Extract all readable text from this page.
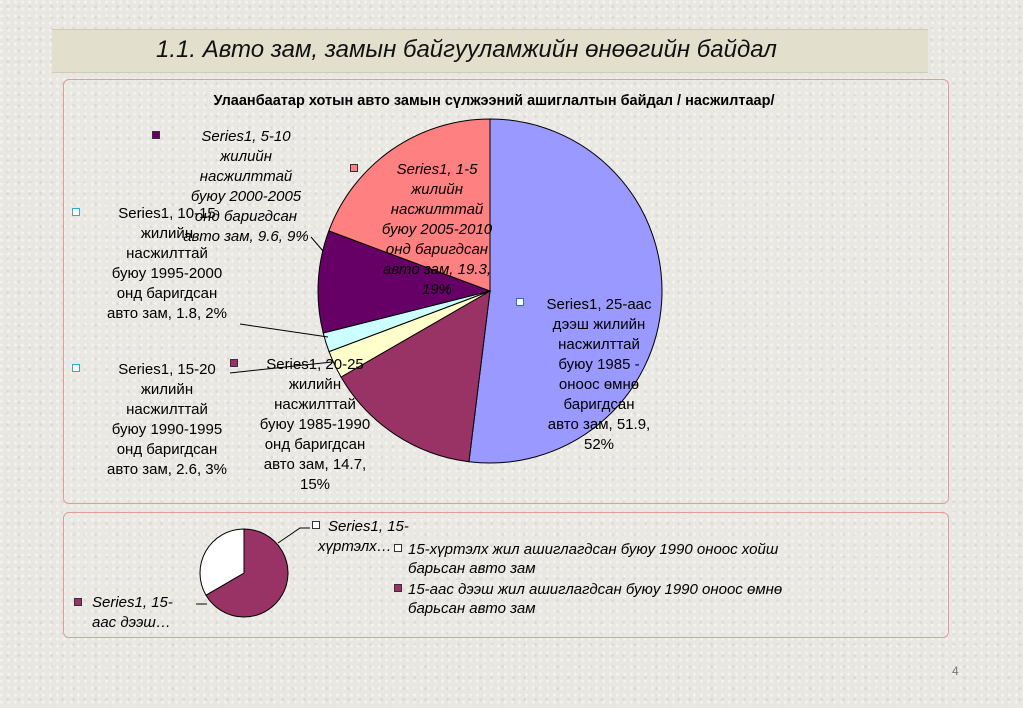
1.1. Авто зам, замын байгууламжийн өнөөгийн байдал
Улаанбаатар хотын авто замын сүлжээний ашиглалтын байдал / насжилтаар/
Series1, 25-аас
дээш жилийн
насжилттай
буюу 1985 -
оноос өмнө
баригдсан
авто зам, 51.9,
52%
Series1, 20-25
жилийн
насжилттай
буюу 1985-1990
онд баригдсан
авто зам, 14.7,
15%
Series1, 15-20
жилийн
насжилттай
буюу 1990-1995
онд баригдсан
авто зам, 2.6, 3%
Series1, 10-15
жилийн
насжилттай
буюу 1995-2000
онд баригдсан
авто зам, 1.8, 2%
Series1, 5-10
жилийн
насжилттай
буюу 2000-2005
онд баригдсан
авто зам, 9.6, 9%
Series1, 1-5
жилийн
насжилттай
буюу 2005-2010
онд баригдсан
авто зам, 19.3,
19%
Series1, 15-
хүртэлх…
Series1, 15-
аас дээш…
15-хүртэлх жил ашиглагдсан буюу 1990 оноос хойш
барьсан авто зам
15-аас дээш жил ашиглагдсан буюу 1990 оноос өмнө
барьсан авто зам
4
